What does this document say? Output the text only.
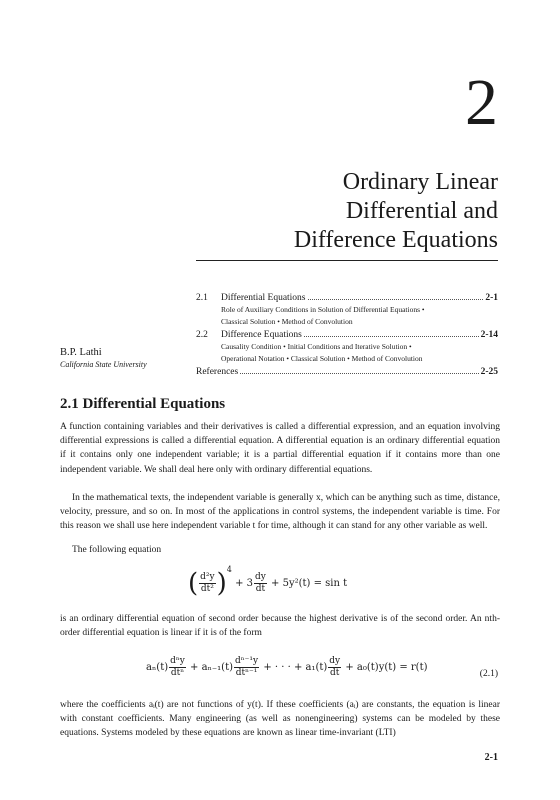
2
Ordinary Linear
Differential and
Difference Equations
2.1	Differential Equations	2-1
Role of Auxiliary Conditions in Solution of Differential Equations •
Classical Solution • Method of Convolution
2.2	Difference Equations	2-14
Causality Condition • Initial Conditions and Iterative Solution •
Operational Notation • Classical Solution • Method of Convolution
References	2-25
B.P. Lathi
California State University
2.1 Differential Equations
A function containing variables and their derivatives is called a differential expression, and an equation involving differential expressions is called a differential equation. A differential equation is an ordinary differential equation if it contains only one independent variable; it is a partial differential equation if it contains more than one independent variable. We shall deal here only with ordinary differential equations.
In the mathematical texts, the independent variable is generally x, which can be anything such as time, distance, velocity, pressure, and so on. In most of the applications in control systems, the independent variable is time. For this reason we shall use here independent variable t for time, although it can stand for any other variable as well.
The following equation
( $\frac{\text{d²y}}{\text{dt²}} )^4 + 3 \frac{dy}{dt} + 5y^2(t) = \sin t$
is an ordinary differential equation of second order because the highest derivative is of the second order. An nth-order differential equation is linear if it is of the form
$a_n(t) \frac{\text{dⁿy}}{\text{dtⁿ}} + a_{n-1}(t) \frac{\text{dⁿ⁻¹y}}{\text{dtⁿ⁻¹}}$ + · · · + $a_1(t) \frac{dy}{dt} + a_0(t)y(t) = r(t)$
(2.1)
where the coefficients aᵢ(t) are not functions of y(t). If these coefficients (aᵢ) are constants, the equation is linear with constant coefficients. Many engineering (as well as nonengineering) systems can be modeled by these equations. Systems modeled by these equations are known as linear time-invariant (LTI)
2-1
